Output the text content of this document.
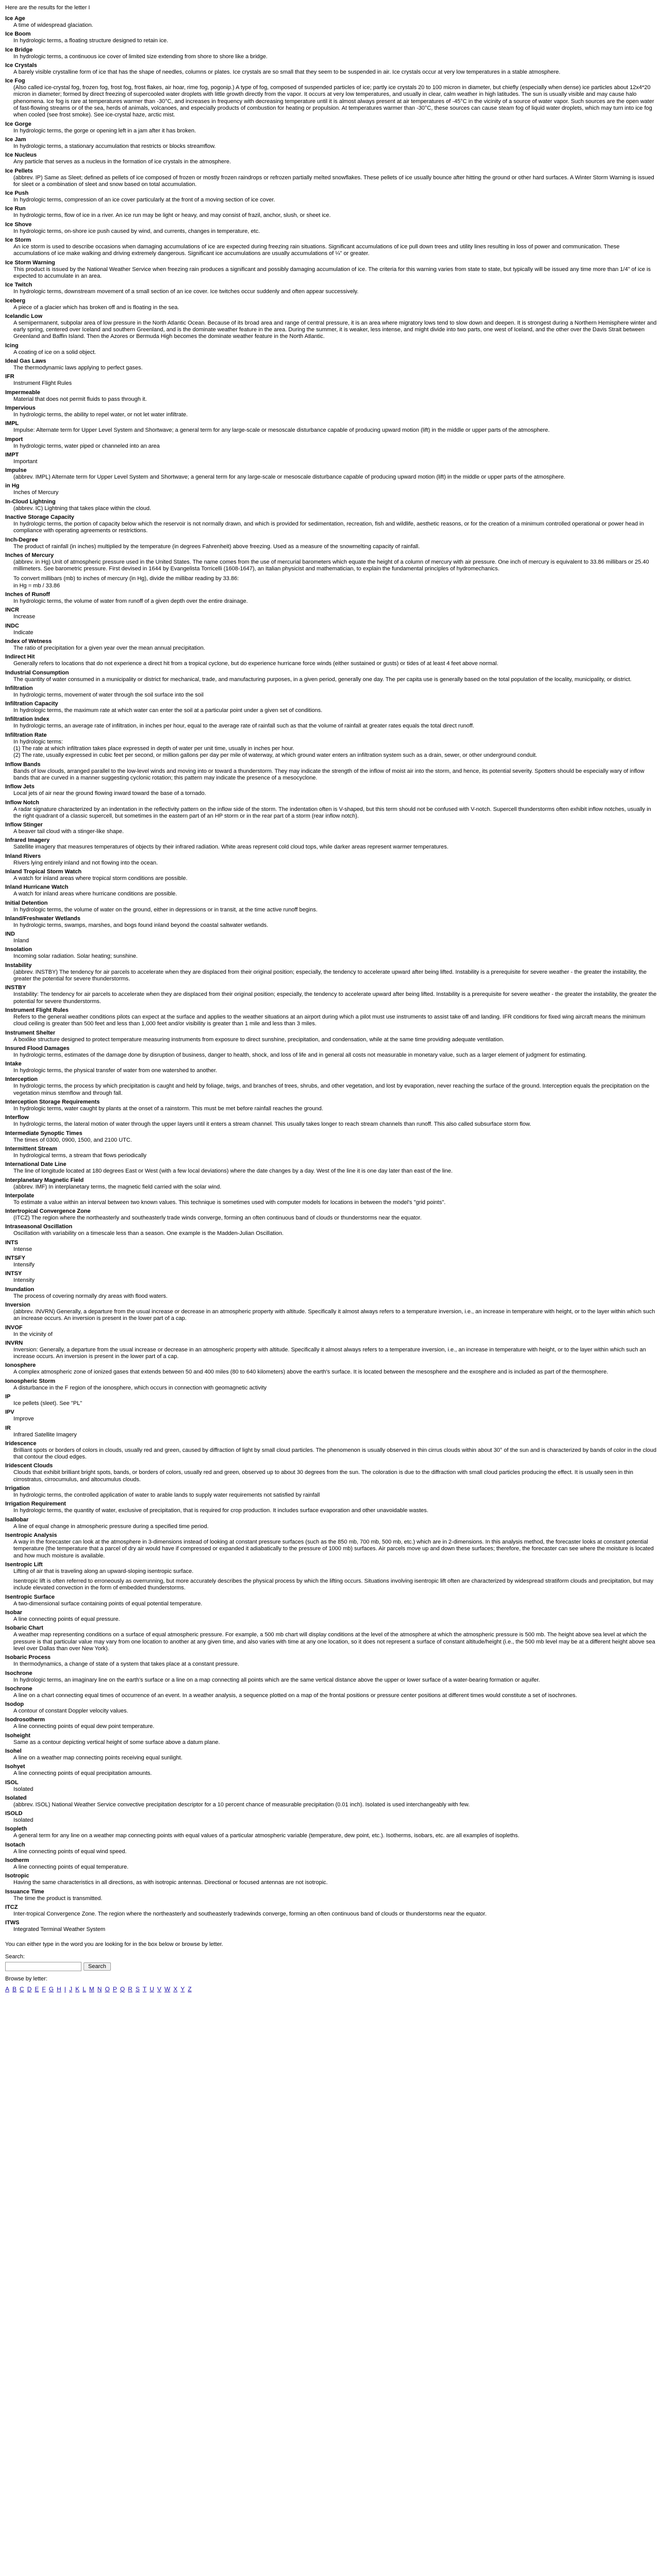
Here are the results for the letter I
Ice Age
A time of widespread glaciation.
Ice Boom
In hydrologic terms, a floating structure designed to retain ice.
Ice Bridge
In hydrologic terms, a continuous ice cover of limited size extending from shore to shore like a bridge.
Ice Crystals
A barely visible crystalline form of ice that has the shape of needles, columns or plates. Ice crystals are so small that they seem to be suspended in air. Ice crystals occur at very low temperatures in a stable atmosphere.
Ice Fog
(Also called ice-crystal fog, frozen fog, frost fog, frost flakes, air hoar, rime fog, pogonip.) A type of fog, composed of suspended particles of ice; partly ice crystals 20 to 100 micron in diameter, but chiefly (especially when dense) ice particles about 12x4*20 micron in diameter; formed by direct freezing of supercooled water droplets with little growth directly from the vapor. It occurs at very low temperatures, and usually in clear, calm weather in high latitudes. The sun is usually visible and may cause halo phenomena. Ice fog is rare at temperatures warmer than -30°C, and increases in frequency with decreasing temperature until it is almost always present at air temperatures of -45°C in the vicinity of a source of water vapor. Such sources are the open water of fast-flowing streams or of the sea, herds of animals, volcanoes, and especially products of combustion for heating or propulsion. At temperatures warmer than -30°C, these sources can cause steam fog of liquid water droplets, which may turn into ice fog when cooled (see frost smoke). See ice-crystal haze, arctic mist.
Ice Gorge
In hydrologic terms, the gorge or opening left in a jam after it has broken.
Ice Jam
In hydrologic terms, a stationary accumulation that restricts or blocks streamflow.
Ice Nucleus
Any particle that serves as a nucleus in the formation of ice crystals in the atmosphere.
Ice Pellets
(abbrev. IP) Same as Sleet; defined as pellets of ice composed of frozen or mostly frozen raindrops or refrozen partially melted snowflakes. These pellets of ice usually bounce after hitting the ground or other hard surfaces. A Winter Storm Warning is issued for sleet or a combination of sleet and snow based on total accumulation.
Ice Push
In hydrologic terms, compression of an ice cover particularly at the front of a moving section of ice cover.
Ice Run
In hydrologic terms, flow of ice in a river. An ice run may be light or heavy, and may consist of frazil, anchor, slush, or sheet ice.
Ice Shove
In hydrologic terms, on-shore ice push caused by wind, and currents, changes in temperature, etc.
Ice Storm
An ice storm is used to describe occasions when damaging accumulations of ice are expected during freezing rain situations. Significant accumulations of ice pull down trees and utility lines resulting in loss of power and communication. These accumulations of ice make walking and driving extremely dangerous. Significant ice accumulations are usually accumulations of ¼" or greater.
Ice Storm Warning
This product is issued by the National Weather Service when freezing rain produces a significant and possibly damaging accumulation of ice. The criteria for this warning varies from state to state, but typically will be issued any time more than 1/4" of ice is expected to accumulate in an area.
Ice Twitch
In hydrologic terms, downstream movement of a small section of an ice cover. Ice twitches occur suddenly and often appear successively.
Iceberg
A piece of a glacier which has broken off and is floating in the sea.
Icelandic Low
A semipermanent, subpolar area of low pressure in the North Atlantic Ocean. Because of its broad area and range of central pressure, it is an area where migratory lows tend to slow down and deepen. It is strongest during a Northern Hemisphere winter and early spring, centered over Iceland and southern Greenland, and is the dominate weather feature in the area. During the summer, it is weaker, less intense, and might divide into two parts, one west of Iceland, and the other over the Davis Strait between Greenland and Baffin Island. Then the Azores or Bermuda High becomes the dominate weather feature in the North Atlantic.
Icing
A coating of ice on a solid object.
Ideal Gas Laws
The thermodynamic laws applying to perfect gases.
IFR
Instrument Flight Rules
Impermeable
Material that does not permit fluids to pass through it.
Impervious
In hydrologic terms, the ability to repel water, or not let water infiltrate.
IMPL
Impulse: Alternate term for Upper Level System and Shortwave; a general term for any large-scale or mesoscale disturbance capable of producing upward motion (lift) in the middle or upper parts of the atmosphere.
Import
In hydrologic terms, water piped or channeled into an area
IMPT
Important
Impulse
(abbrev. IMPL) Alternate term for Upper Level System and Shortwave; a general term for any large-scale or mesoscale disturbance capable of producing upward motion (lift) in the middle or upper parts of the atmosphere.
in Hg
Inches of Mercury
In-Cloud Lightning
(abbrev. IC) Lightning that takes place within the cloud.
Inactive Storage Capacity
In hydrologic terms, the portion of capacity below which the reservoir is not normally drawn, and which is provided for sedimentation, recreation, fish and wildlife, aesthetic reasons, or for the creation of a minimum controlled operational or power head in compliance with operating agreements or restrictions.
Inch-Degree
The product of rainfall (in inches) multiplied by the temperature (in degrees Fahrenheit) above freezing. Used as a measure of the snowmelting capacity of rainfall.
Inches of Mercury
(abbrev. in Hg) Unit of atmospheric pressure used in the United States. The name comes from the use of mercurial barometers which equate the height of a column of mercury with air pressure. One inch of mercury is equivalent to 33.86 millibars or 25.40 millimeters. See barometric pressure. First devised in 1644 by Evangelista Torricelli (1608-1647), an Italian physicist and mathematician, to explain the fundamental principles of hydromechanics.
To convert millibars (mb) to inches of mercury (in Hg), divide the millibar reading by 33.86:
in Hg = mb / 33.86
Inches of Runoff
In hydrologic terms, the volume of water from runoff of a given depth over the entire drainage.
INCR
Increase
INDC
Indicate
Index of Wetness
The ratio of precipitation for a given year over the mean annual precipitation.
Indirect Hit
Generally refers to locations that do not experience a direct hit from a tropical cyclone, but do experience hurricane force winds (either sustained or gusts) or tides of at least 4 feet above normal.
Industrial Consumption
The quantity of water consumed in a municipality or district for mechanical, trade, and manufacturing purposes, in a given period, generally one day. The per capita use is generally based on the total population of the locality, municipality, or district.
Infiltration
In hydrologic terms, movement of water through the soil surface into the soil
Infiltration Capacity
In hydrologic terms, the maximum rate at which water can enter the soil at a particular point under a given set of conditions.
Infiltration Index
In hydrologic terms, an average rate of infiltration, in inches per hour, equal to the average rate of rainfall such as that the volume of rainfall at greater rates equals the total direct runoff.
Infiltration Rate
In hydrologic terms:
(1) The rate at which infiltration takes place expressed in depth of water per unit time, usually in inches per hour.
(2) The rate, usually expressed in cubic feet per second, or million gallons per day per mile of waterway, at which ground water enters an infiltration system such as a drain, sewer, or other underground conduit.
Inflow Bands
Bands of low clouds, arranged parallel to the low-level winds and moving into or toward a thunderstorm. They may indicate the strength of the inflow of moist air into the storm, and hence, its potential severity. Spotters should be especially wary of inflow bands that are curved in a manner suggesting cyclonic rotation; this pattern may indicate the presence of a mesocyclone.
Inflow Jets
Local jets of air near the ground flowing inward toward the base of a tornado.
Inflow Notch
A radar signature characterized by an indentation in the reflectivity pattern on the inflow side of the storm. The indentation often is V-shaped, but this term should not be confused with V-notch. Supercell thunderstorms often exhibit inflow notches, usually in the right quadrant of a classic supercell, but sometimes in the eastern part of an HP storm or in the rear part of a storm (rear inflow notch).
Inflow Stinger
A beaver tail cloud with a stinger-like shape.
Infrared Imagery
Satellite imagery that measures temperatures of objects by their infrared radiation. White areas represent cold cloud tops, while darker areas represent warmer temperatures.
Inland Rivers
Rivers lying entirely inland and not flowing into the ocean.
Inland Tropical Storm Watch
A watch for inland areas where tropical storm conditions are possible.
Inland Hurricane Watch
A watch for inland areas where hurricane conditions are possible.
Initial Detention
In hydrologic terms, the volume of water on the ground, either in depressions or in transit, at the time active runoff begins.
Inland/Freshwater Wetlands
In hydrologic terms, swamps, marshes, and bogs found inland beyond the coastal saltwater wetlands.
IND
Inland
Insolation
Incoming solar radiation. Solar heating; sunshine.
Instability
(abbrev. INSTBY) The tendency for air parcels to accelerate when they are displaced from their original position; especially, the tendency to accelerate upward after being lifted. Instability is a prerequisite for severe weather - the greater the instability, the greater the potential for severe thunderstorms.
INSTBY
Instability: The tendency for air parcels to accelerate when they are displaced from their original position; especially, the tendency to accelerate upward after being lifted. Instability is a prerequisite for severe weather - the greater the instability, the greater the potential for severe thunderstorms.
Instrument Flight Rules
Refers to the general weather conditions pilots can expect at the surface and applies to the weather situations at an airport during which a pilot must use instruments to assist take off and landing. IFR conditions for fixed wing aircraft means the minimum cloud ceiling is greater than 500 feet and less than 1,000 feet and/or visibility is greater than 1 mile and less than 3 miles.
Instrument Shelter
A boxlike structure designed to protect temperature measuring instruments from exposure to direct sunshine, precipitation, and condensation, while at the same time providing adequate ventilation.
Insured Flood Damages
In hydrologic terms, estimates of the damage done by disruption of business, danger to health, shock, and loss of life and in general all costs not measurable in monetary value, such as a larger element of judgment for estimating.
Intake
In hydrologic terms, the physical transfer of water from one watershed to another.
Interception
In hydrologic terms, the process by which precipitation is caught and held by foliage, twigs, and branches of trees, shrubs, and other vegetation, and lost by evaporation, never reaching the surface of the ground. Interception equals the precipitation on the vegetation minus stemflow and through fall.
Interception Storage Requirements
In hydrologic terms, water caught by plants at the onset of a rainstorm. This must be met before rainfall reaches the ground.
Interflow
In hydrologic terms, the lateral motion of water through the upper layers until it enters a stream channel. This usually takes longer to reach stream channels than runoff. This also called subsurface storm flow.
Intermediate Synoptic Times
The times of 0300, 0900, 1500, and 2100 UTC.
Intermittent Stream
In hydrological terms, a stream that flows periodically
International Date Line
The line of longitude located at 180 degrees East or West (with a few local deviations) where the date changes by a day. West of the line it is one day later than east of the line.
Interplanetary Magnetic Field
(abbrev. IMF) In interplanetary terms, the magnetic field carried with the solar wind.
Interpolate
To estimate a value within an interval between two known values. This technique is sometimes used with computer models for locations in between the model's "grid points".
Intertropical Convergence Zone
(ITCZ) The region where the northeasterly and southeasterly trade winds converge, forming an often continuous band of clouds or thunderstorms near the equator.
Intraseasonal Oscillation
Oscillation with variability on a timescale less than a season. One example is the Madden-Julian Oscillation.
INTS
Intense
INTSFY
Intensify
INTSY
Intensity
Inundation
The process of covering normally dry areas with flood waters.
Inversion
(abbrev. INVRN) Generally, a departure from the usual increase or decrease in an atmospheric property with altitude. Specifically it almost always refers to a temperature inversion, i.e., an increase in temperature with height, or to the layer within which such an increase occurs. An inversion is present in the lower part of a cap.
INVOF
In the vicinity of
INVRN
Inversion: Generally, a departure from the usual increase or decrease in an atmospheric property with altitude. Specifically it almost always refers to a temperature inversion, i.e., an increase in temperature with height, or to the layer within which such an increase occurs. An inversion is present in the lower part of a cap.
Ionosphere
A complex atmospheric zone of ionized gases that extends between 50 and 400 miles (80 to 640 kilometers) above the earth's surface. It is located between the mesosphere and the exosphere and is included as part of the thermosphere.
Ionospheric Storm
A disturbance in the F region of the ionosphere, which occurs in connection with geomagnetic activity
IP
Ice pellets (sleet). See "PL"
IPV
Improve
IR
Infrared Satellite Imagery
Iridescence
Brilliant spots or borders of colors in clouds, usually red and green, caused by diffraction of light by small cloud particles. The phenomenon is usually observed in thin cirrus clouds within about 30° of the sun and is characterized by bands of color in the cloud that contour the cloud edges.
Iridescent Clouds
Clouds that exhibit brilliant bright spots, bands, or borders of colors, usually red and green, observed up to about 30 degrees from the sun. The coloration is due to the diffraction with small cloud particles producing the effect. It is usually seen in thin cirrostratus, cirrocumulus, and altocumulus clouds.
Irrigation
In hydrologic terms, the controlled application of water to arable lands to supply water requirements not satisfied by rainfall
Irrigation Requirement
In hydrologic terms, the quantity of water, exclusive of precipitation, that is required for crop production. It includes surface evaporation and other unavoidable wastes.
Isallobar
A line of equal change in atmospheric pressure during a specified time period.
Isentropic Analysis
A way in the forecaster can look at the atmosphere in 3-dimensions instead of looking at constant pressure surfaces (such as the 850 mb, 700 mb, 500 mb, etc.) which are in 2-dimensions. In this analysis method, the forecaster looks at constant potential temperature (the temperature that a parcel of dry air would have if compressed or expanded it adiabatically to the pressure of 1000 mb) surfaces. Air parcels move up and down these surfaces; therefore, the forecaster can see where the moisture is located and how much moisture is available.
Isentropic Lift
Lifting of air that is traveling along an upward-sloping isentropic surface.
Isentropic lift is often referred to erroneously as overrunning, but more accurately describes the physical process by which the lifting occurs. Situations involving isentropic lift often are characterized by widespread stratiform clouds and precipitation, but may include elevated convection in the form of embedded thunderstorms.
Isentropic Surface
A two-dimensional surface containing points of equal potential temperature.
Isobar
A line connecting points of equal pressure.
Isobaric Chart
A weather map representing conditions on a surface of equal atmospheric pressure. For example, a 500 mb chart will display conditions at the level of the atmosphere at which the atmospheric pressure is 500 mb. The height above sea level at which the pressure is that particular value may vary from one location to another at any given time, and also varies with time at any one location, so it does not represent a surface of constant altitude/height (i.e., the 500 mb level may be at a different height above sea level over Dallas than over New York).
Isobaric Process
In thermodynamics, a change of state of a system that takes place at a constant pressure.
Isochrone
In hydrologic terms, an imaginary line on the earth's surface or a line on a map connecting all points which are the same vertical distance above the upper or lower surface of a water-bearing formation or aquifer.
Isochrone
A line on a chart connecting equal times of occurrence of an event. In a weather analysis, a sequence plotted on a map of the frontal positions or pressure center positions at different times would constitute a set of isochrones.
Isodop
A contour of constant Doppler velocity values.
Isodrosotherm
A line connecting points of equal dew point temperature.
Isoheight
Same as a contour depicting vertical height of some surface above a datum plane.
Isohel
A line on a weather map connecting points receiving equal sunlight.
Isohyet
A line connecting points of equal precipitation amounts.
ISOL
Isolated
Isolated
(abbrev. ISOL) National Weather Service convective precipitation descriptor for a 10 percent chance of measurable precipitation (0.01 inch). Isolated is used interchangeably with few.
ISOLD
Isolated
Isopleth
A general term for any line on a weather map connecting points with equal values of a particular atmospheric variable (temperature, dew point, etc.). Isotherms, isobars, etc. are all examples of isopleths.
Isotach
A line connecting points of equal wind speed.
Isotherm
A line connecting points of equal temperature.
Isotropic
Having the same characteristics in all directions, as with isotropic antennas. Directional or focused antennas are not isotropic.
Issuance Time
The time the product is transmitted.
ITCZ
Inter-tropical Convergence Zone. The region where the northeasterly and southeasterly tradewinds converge, forming an often continuous band of clouds or thunderstorms near the equator.
ITWS
Integrated Terminal Weather System
You can either type in the word you are looking for in the box below or browse by letter.
Search:
Search
Browse by letter:
A B C D E F G H I J K L M N O P Q R S T U V W X Y Z
